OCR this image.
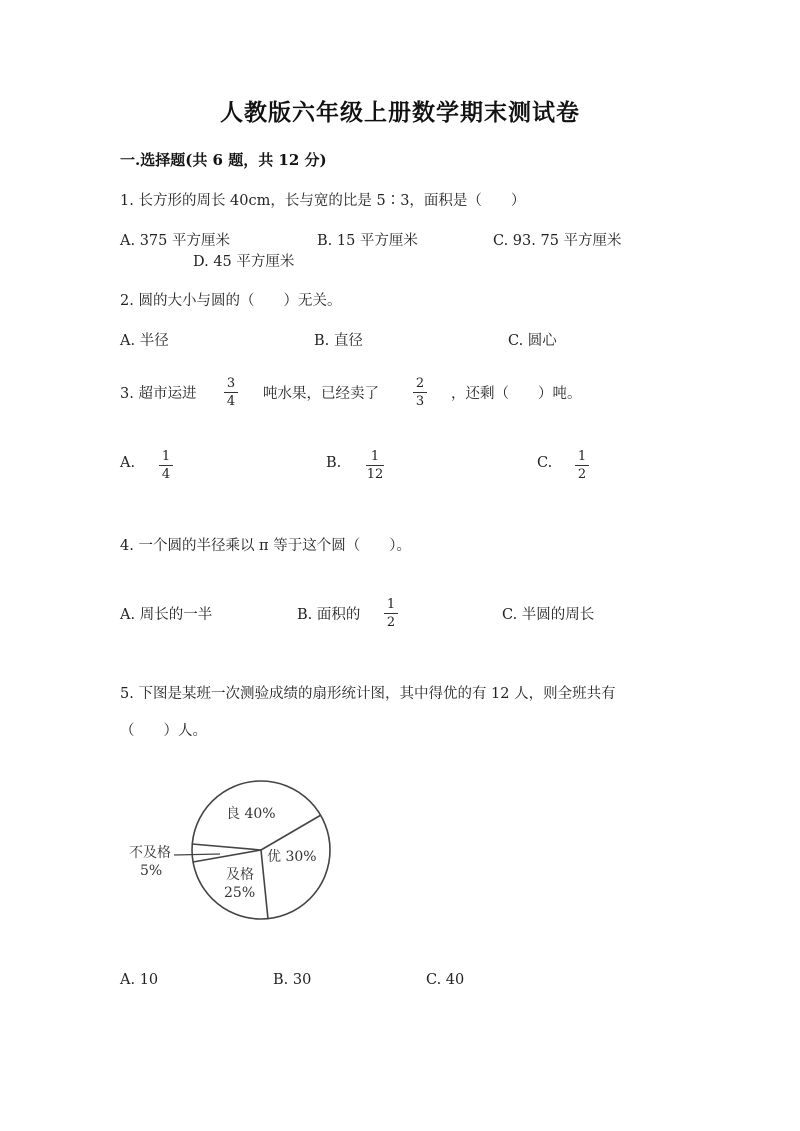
人教版六年级上册数学期末测试卷
一.选择题(共 6 题，共 12 分)
1. 长方形的周长 40cm，长与宽的比是 5∶3，面积是（　　）
A. 375 平方厘米	B. 15 平方厘米	C. 93. 75 平方厘米
D. 45 平方厘米
2. 圆的大小与圆的（　　）无关。
A. 半径	B. 直径	C. 圆心
3. 超市运进
3
4 吨水果，已经卖了
2
3 ，还剩（　　）吨。
A. 1
4
B. 1
12
C. 1
2
4. 一个圆的半径乘以 π 等于这个圆（　　）。
A. 周长的一半	B. 面积的
1
2	C. 半圆的周长
5. 下图是某班一次测验成绩的扇形统计图，其中得优的有 12 人，则全班共有
（　　）人。
良 40%
优 30%
及格
25%
不及格
5%
A. 10	B. 30	C. 40
